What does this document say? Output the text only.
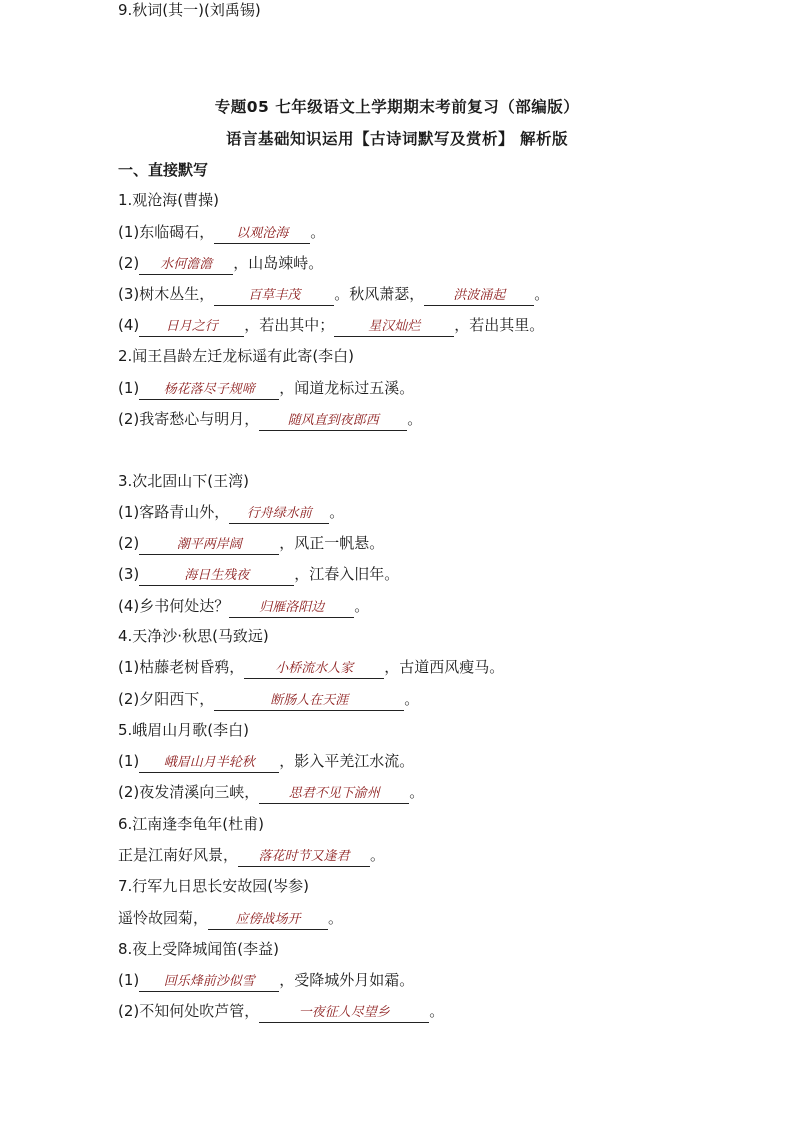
专题05 七年级语文上学期期末考前复习（部编版）
语言基础知识运用【古诗词默写及赏析】 解析版
一、直接默写
1.观沧海(曹操)
(1)东临碣石， 以观沧海 。
(2) 水何澹澹 ，山岛竦峙。
(3)树木丛生，	百草丰茂 。秋风萧瑟， 洪波涌起 。
(4) 日月之行 ，若出其中；	星汉灿烂 ，若出其里。
2.闻王昌龄左迁龙标遥有此寄(李白)
(1) 杨花落尽子规啼 ，闻道龙标过五溪。
(2)我寄愁心与明月， 随风直到夜郎西 。
3.次北固山下(王湾)
(1)客路青山外， 行舟绿水前 。
(2)	潮平两岸阔	，风正一帆悬。
(3)	海日生残夜	，江春入旧年。
(4)乡书何处达？ 归雁洛阳边 。
4.天净沙·秋思(马致远)
(1)枯藤老树昏鸦， 小桥流水人家 ，古道西风瘦马。
(2)夕阳西下，	断肠人在天涯	。
5.峨眉山月歌(李白)
(1) 峨眉山月半轮秋 ，影入平羌江水流。
(2)夜发清溪向三峡， 思君不见下渝州 。
6.江南逢李龟年(杜甫)
正是江南好风景， 落花时节又逢君 。
7.行军九日思长安故园(岑参)
遥怜故园菊， 应傍战场开 。
8.夜上受降城闻笛(李益)
(1) 回乐烽前沙似雪 ，受降城外月如霜。
(2)不知何处吹芦管，	一夜征人尽望乡	。
9.秋词(其一)(刘禹锡)
